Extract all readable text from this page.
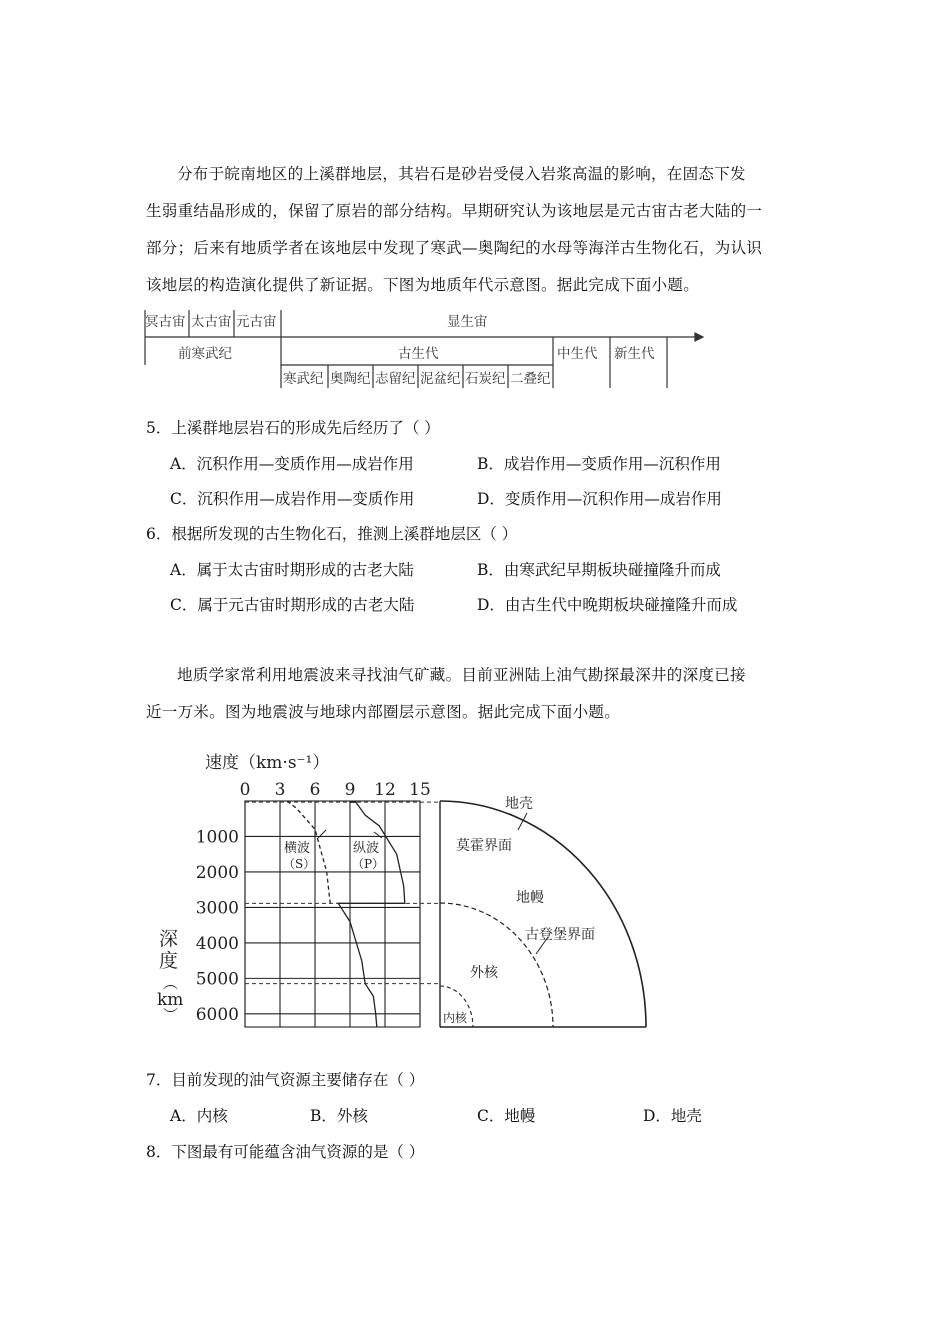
分布于皖南地区的上溪群地层，其岩石是砂岩受侵入岩浆高温的影响，在固态下发

生弱重结晶形成的，保留了原岩的部分结构。早期研究认为该地层是元古宙古老大陆的一
部分；后来有地质学者在该地层中发现了寒武—奥陶纪的水母等海洋古生物化石，为认识
该地层的构造演化提供了新证据。下图为地质年代示意图。据此完成下面小题。
冥古宙 太古宙 元古宙	显生宙
前寒武纪	古生代	中生代 新生代
寒武纪 奥陶纪 志留纪 泥盆纪 石炭纪 二叠纪
5．上溪群地层岩石的形成先后经历了（ ）
A．沉积作用—变质作用—成岩作用	B．成岩作用—变质作用—沉积作用
C．沉积作用—成岩作用—变质作用	D．变质作用—沉积作用—成岩作用
6．根据所发现的古生物化石，推测上溪群地层区（ ）
A．属于太古宙时期形成的古老大陆	B．由寒武纪早期板块碰撞隆升而成
C．属于元古宙时期形成的古老大陆	D．由古生代中晚期板块碰撞隆升而成

地质学家常利用地震波来寻找油气矿藏。目前亚洲陆上油气勘探最深井的深度已接

近一万米。图为地震波与地球内部圈层示意图。据此完成下面小题。
速度（km·s⁻¹）
0 3 6 9 12 15
1000
2000
3000
4000
5000
6000
深
度
︵
km
︶
横波
（S）
纵波
（P）
地壳
莫霍界面
地幔
古登堡界面
外核
内核
7．目前发现的油气资源主要储存在（ ）
A．内核	B．外核	C．地幔	D．地壳
8．下图最有可能蕴含油气资源的是（ ）
